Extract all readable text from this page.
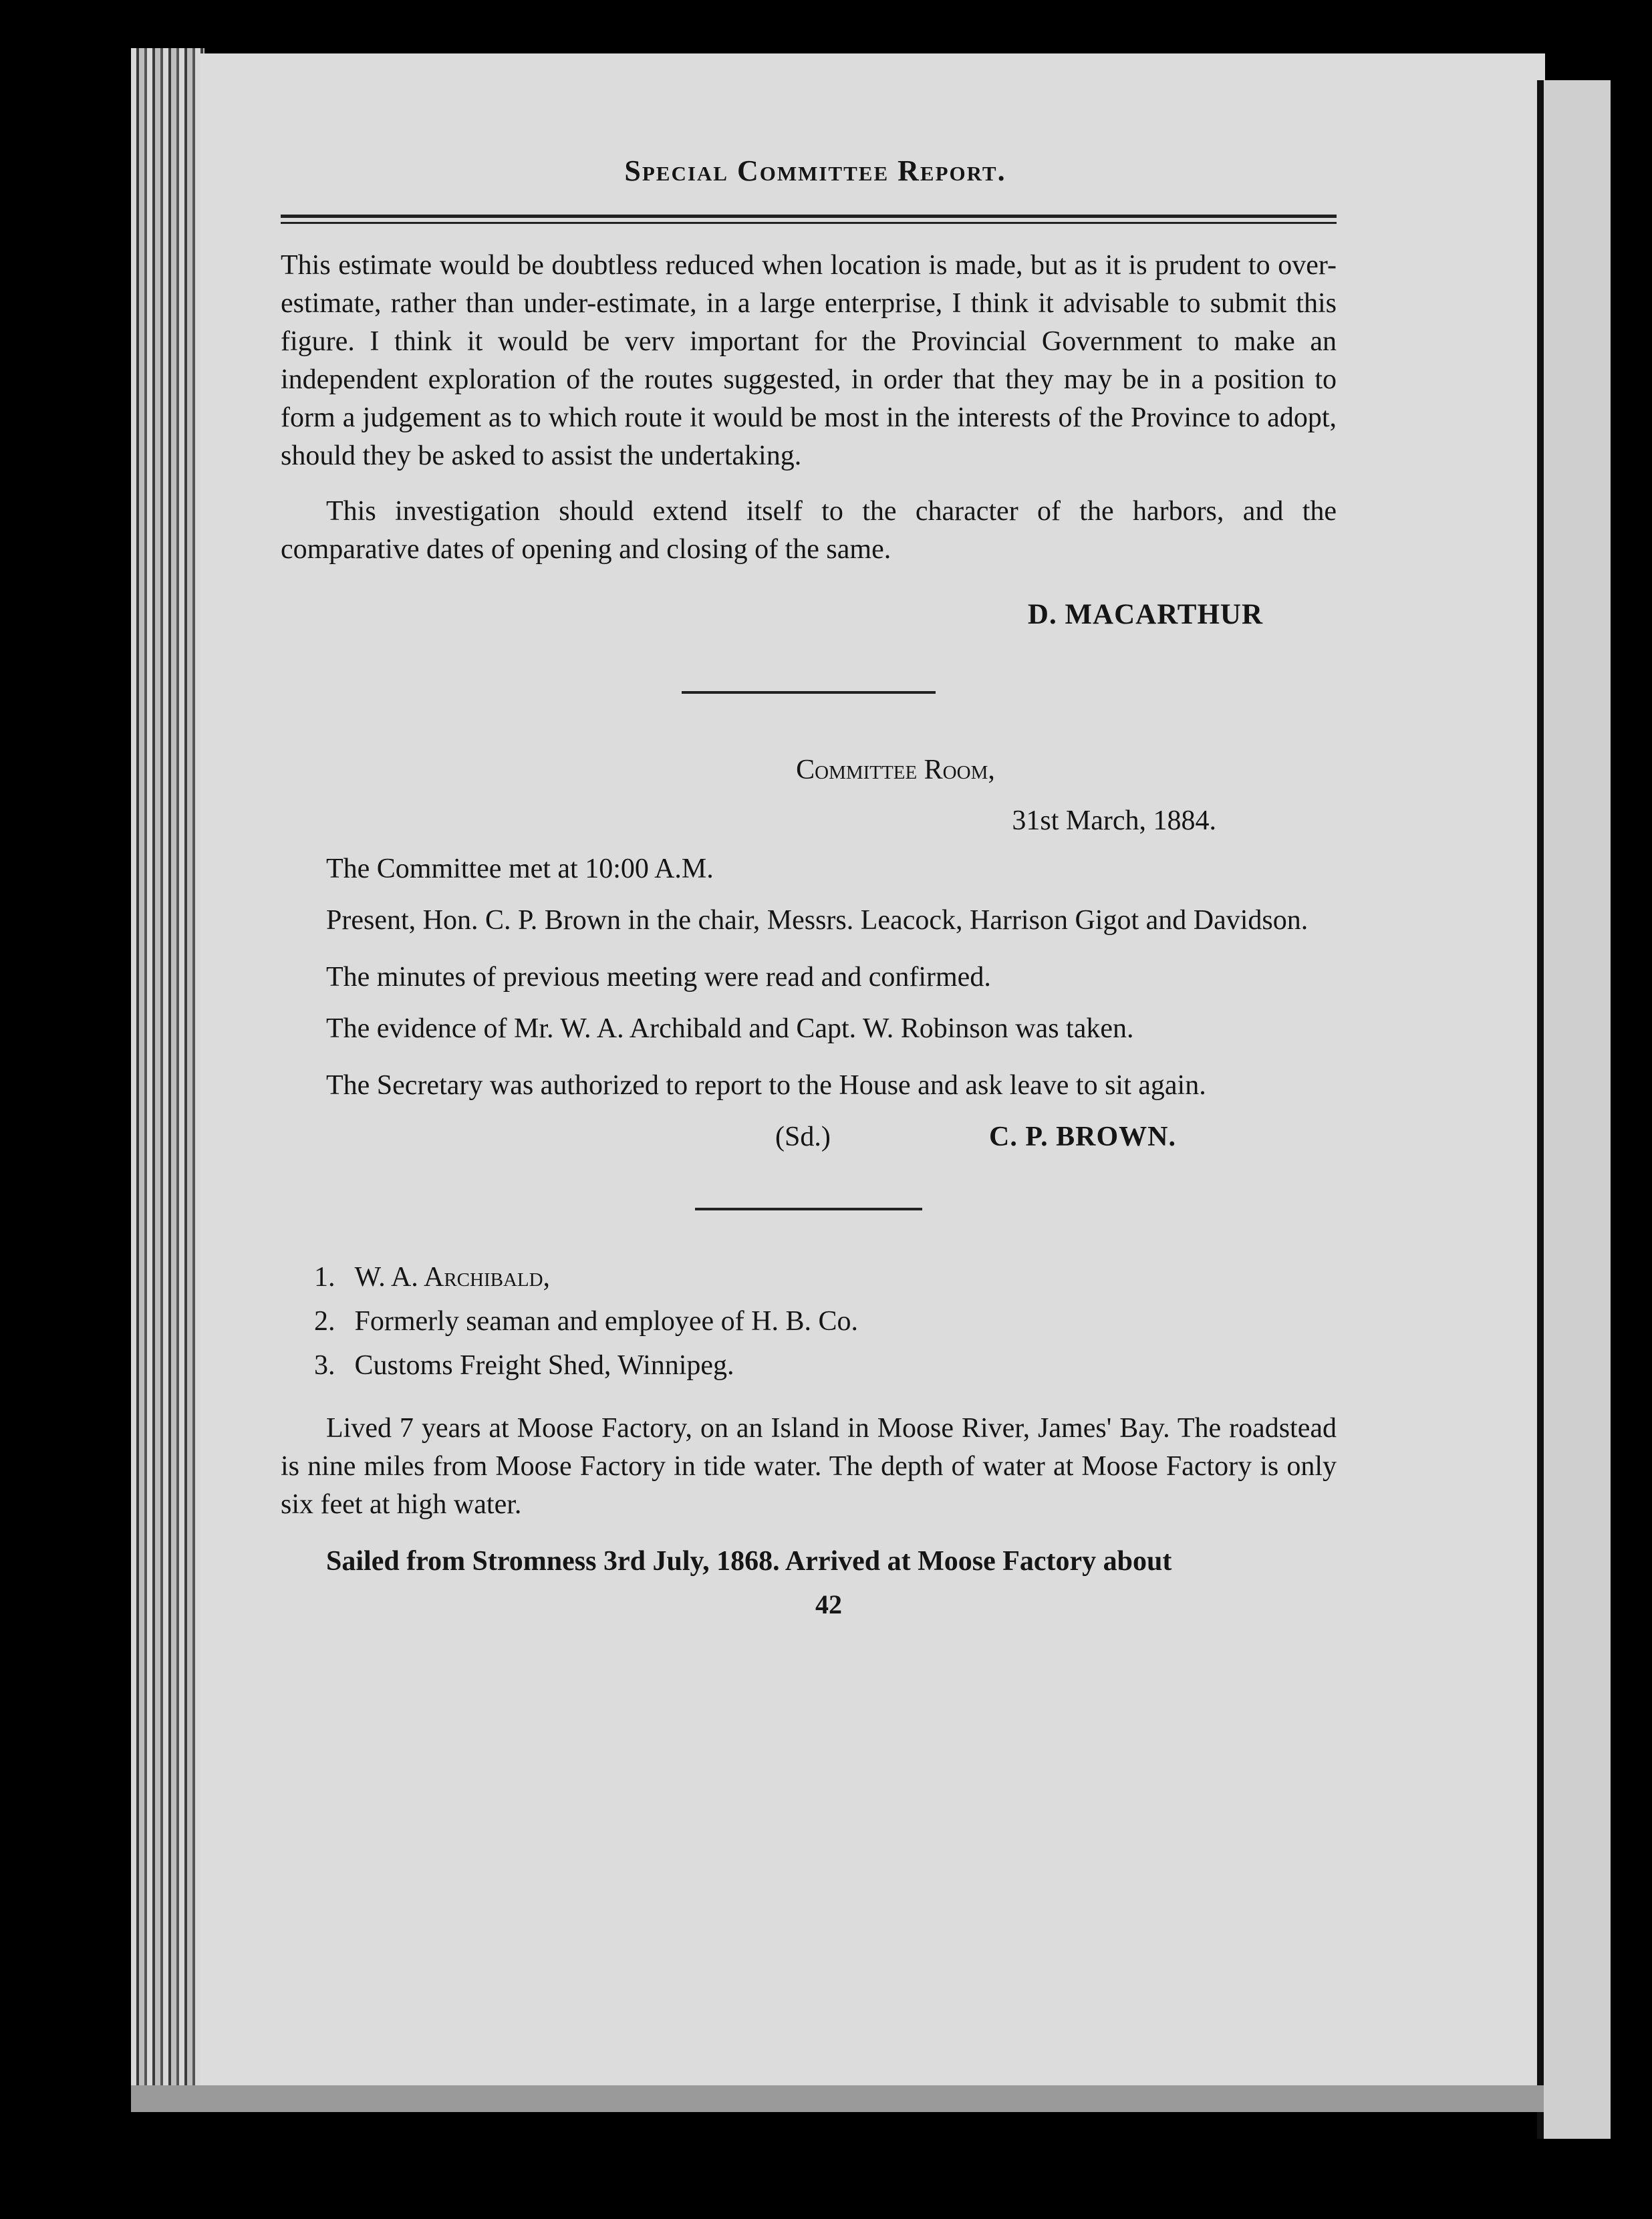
Special Committee Report.

This estimate would be doubtless reduced when location is made, but as it is prudent to over-estimate, rather than under-estimate, in a large enterprise, I think it advisable to submit this figure. I think it would be verv important for the Provincial Government to make an independent exploration of the routes suggested, in order that they may be in a position to form a judgement as to which route it would be most in the interests of the Province to adopt, should they be asked to assist the undertaking.

This investigation should extend itself to the character of the harbors, and the comparative dates of opening and closing of the same.

D. MACARTHUR
Committee Room,
31st March, 1884.

The Committee met at 10:00 A.M.

Present, Hon. C. P. Brown in the chair, Messrs. Leacock, Harrison Gigot and Davidson.

The minutes of previous meeting were read and confirmed.

The evidence of Mr. W. A. Archibald and Capt. W. Robinson was taken.

The Secretary was authorized to report to the House and ask leave to sit again.

(Sd.)	C. P. BROWN.
1. W. A. Archibald,
2. Formerly seaman and employee of H. B. Co.
3. Customs Freight Shed, Winnipeg.

Lived 7 years at Moose Factory, on an Island in Moose River, James' Bay. The roadstead is nine miles from Moose Factory in tide water. The depth of water at Moose Factory is only six feet at high water.

Sailed from Stromness 3rd July, 1868. Arrived at Moose Factory about

42
